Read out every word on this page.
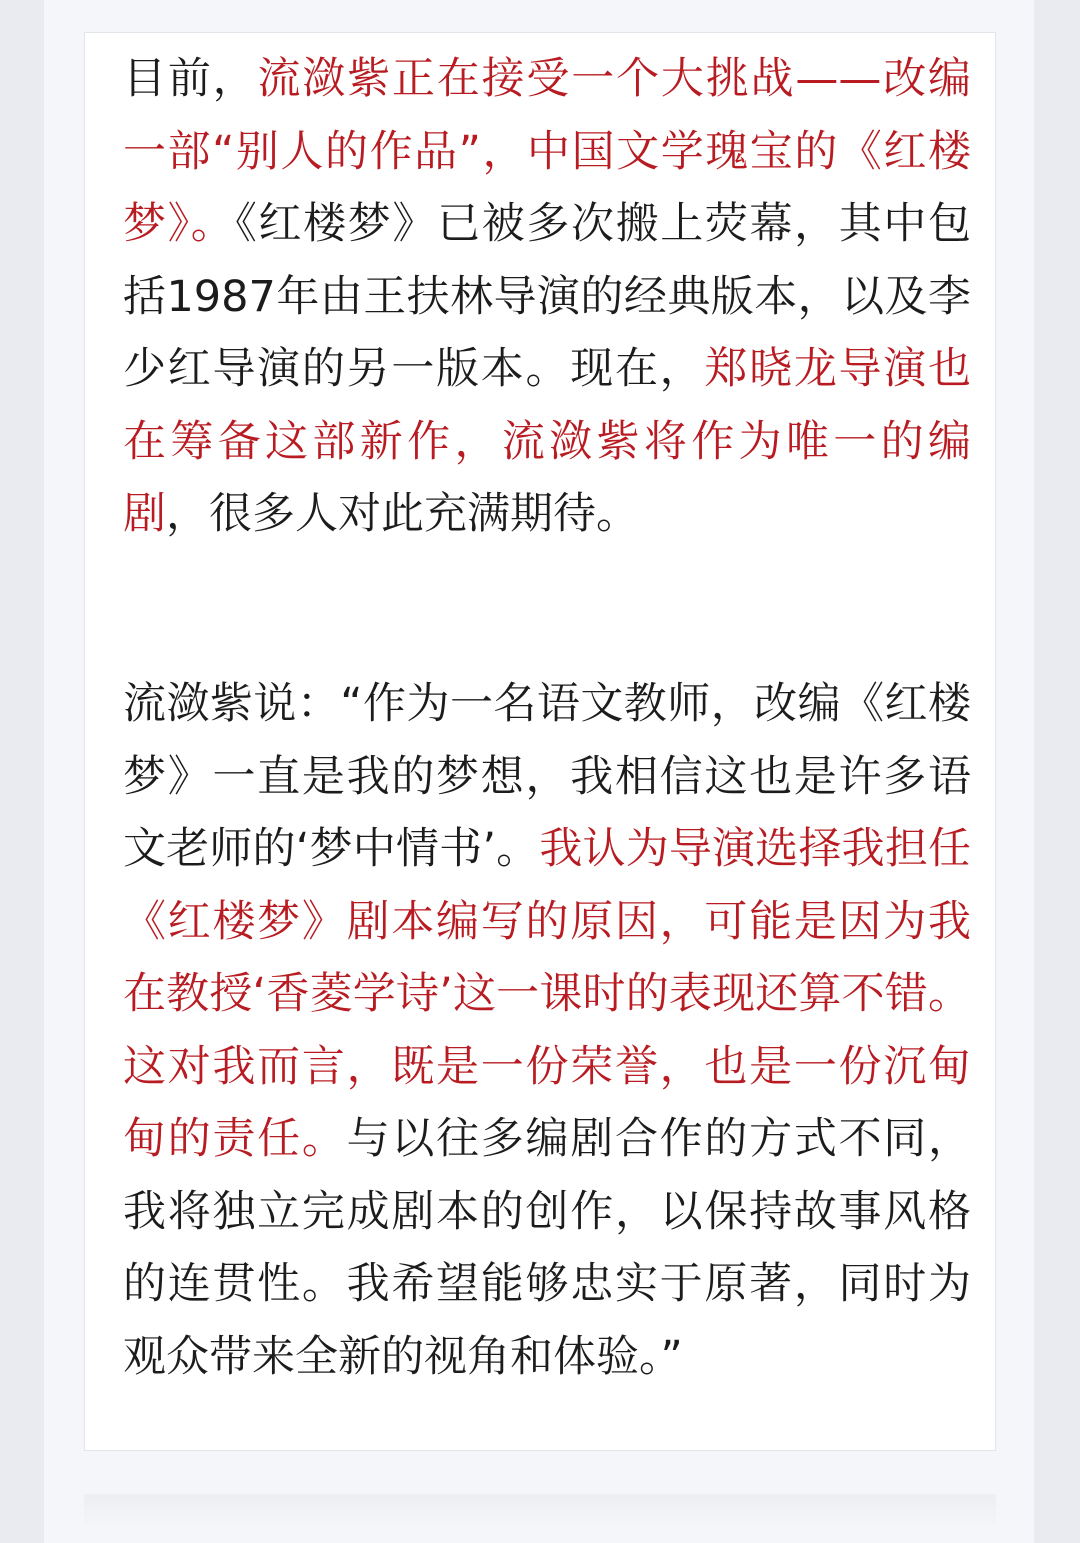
目前，流潋紫正在接受一个大挑战——改编一部“别人的作品”，中国文学瑰宝的《红楼梦》。《红楼梦》已被多次搬上荧幕，其中包括1987年由王扶林导演的经典版本，以及李少红导演的另一版本。现在，郑晓龙导演也在筹备这部新作，流潋紫将作为唯一的编剧，很多人对此充满期待。

流潋紫说：“作为一名语文教师，改编《红楼梦》一直是我的梦想，我相信这也是许多语文老师的‘梦中情书’。我认为导演选择我担任《红楼梦》剧本编写的原因，可能是因为我在教授‘香菱学诗’这一课时的表现还算不错。这对我而言，既是一份荣誉，也是一份沉甸甸的责任。与以往多编剧合作的方式不同，我将独立完成剧本的创作，以保持故事风格的连贯性。我希望能够忠实于原著，同时为观众带来全新的视角和体验。”
